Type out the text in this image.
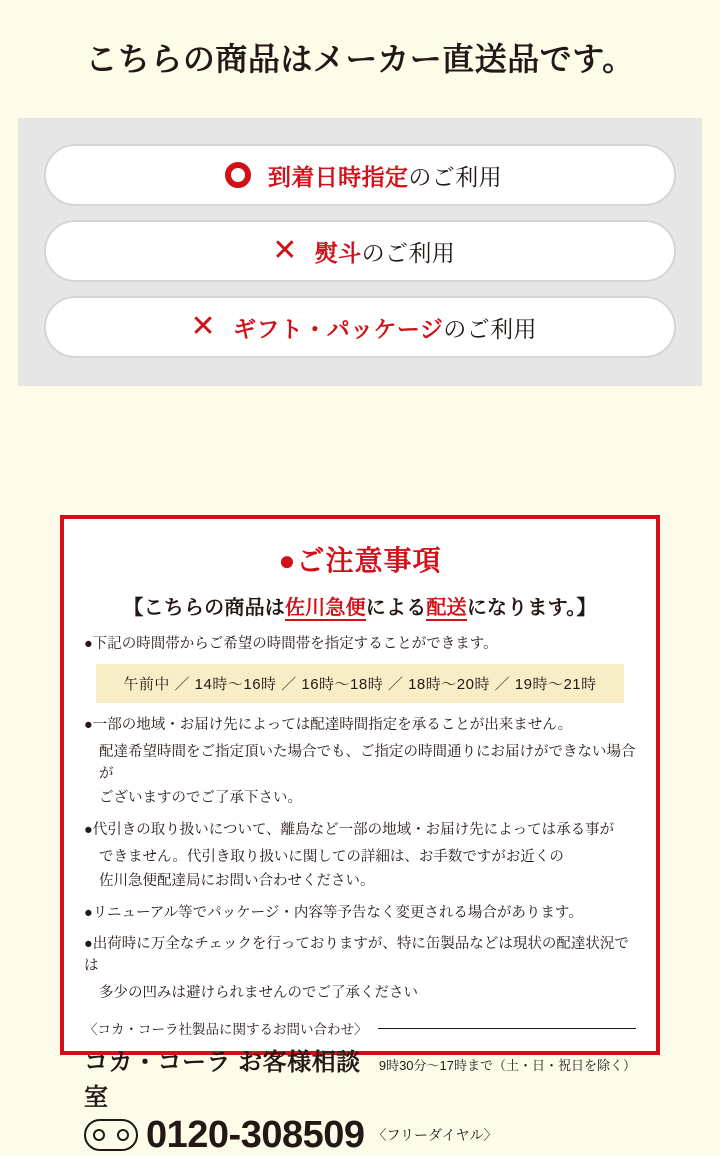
こちらの商品はメーカー直送品です。
到着日時指定のご利用
✕ 熨斗のご利用
✕ ギフト・パッケージのご利用
●ご注意事項
【こちらの商品は佐川急便による配送になります。】
●下記の時間帯からご希望の時間帯を指定することができます。
午前中 ／ 14時〜16時 ／ 16時〜18時 ／ 18時〜20時 ／ 19時〜21時
●一部の地域・お届け先によっては配達時間指定を承ることが出来ません。
配達希望時間をご指定頂いた場合でも、ご指定の時間通りにお届けができない場合が
ございますのでご了承下さい。
●代引きの取り扱いについて、離島など一部の地域・お届け先によっては承る事が
できません。代引き取り扱いに関しての詳細は、お手数ですがお近くの
佐川急便配達局にお問い合わせください。
●リニューアル等でパッケージ・内容等予告なく変更される場合があります。
●出荷時に万全なチェックを行っておりますが、特に缶製品などは現状の配達状況では
多少の凹みは避けられませんのでご了承ください
〈コカ・コーラ社製品に関するお問い合わせ〉
コカ・コーラ お客様相談室
9時30分〜17時まで（土・日・祝日を除く）
0120-308509 〈フリーダイヤル〉
